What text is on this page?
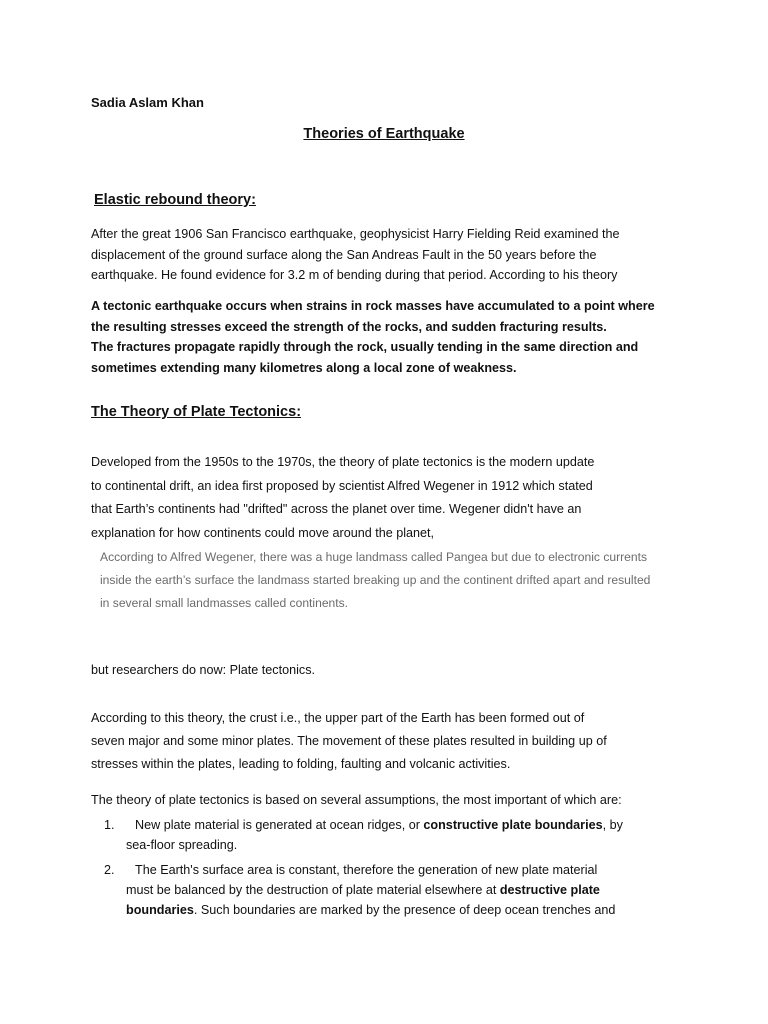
Sadia Aslam Khan
Theories of Earthquake
Elastic rebound theory:
After the great 1906 San Francisco earthquake, geophysicist Harry Fielding Reid examined the
displacement of the ground surface along the San Andreas Fault in the 50 years before the
earthquake. He found evidence for 3.2 m of bending during that period. According to his theory
A tectonic earthquake occurs when strains in rock masses have accumulated to a point where
the resulting stresses exceed the strength of the rocks, and sudden fracturing results.
The fractures propagate rapidly through the rock, usually tending in the same direction and
sometimes extending many kilometres along a local zone of weakness.
The Theory of Plate Tectonics:
Developed from the 1950s to the 1970s, the theory of plate tectonics is the modern update
to continental drift, an idea first proposed by scientist Alfred Wegener in 1912 which stated
that Earth’s continents had "drifted" across the planet over time. Wegener didn't have an
explanation for how continents could move around the planet,
According to Alfred Wegener, there was a huge landmass called Pangea but due to electronic currents
inside the earth’s surface the landmass started breaking up and the continent drifted apart and resulted
in several small landmasses called continents.
but researchers do now: Plate tectonics.
According to this theory, the crust i.e., the upper part of the Earth has been formed out of
seven major and some minor plates. The movement of these plates resulted in building up of
stresses within the plates, leading to folding, faulting and volcanic activities.
The theory of plate tectonics is based on several assumptions, the most important of which are:
1.	New plate material is generated at ocean ridges, or constructive plate boundaries, by
sea-floor spreading.
2.	The Earth's surface area is constant, therefore the generation of new plate material
must be balanced by the destruction of plate material elsewhere at destructive plate
boundaries. Such boundaries are marked by the presence of deep ocean trenches and
